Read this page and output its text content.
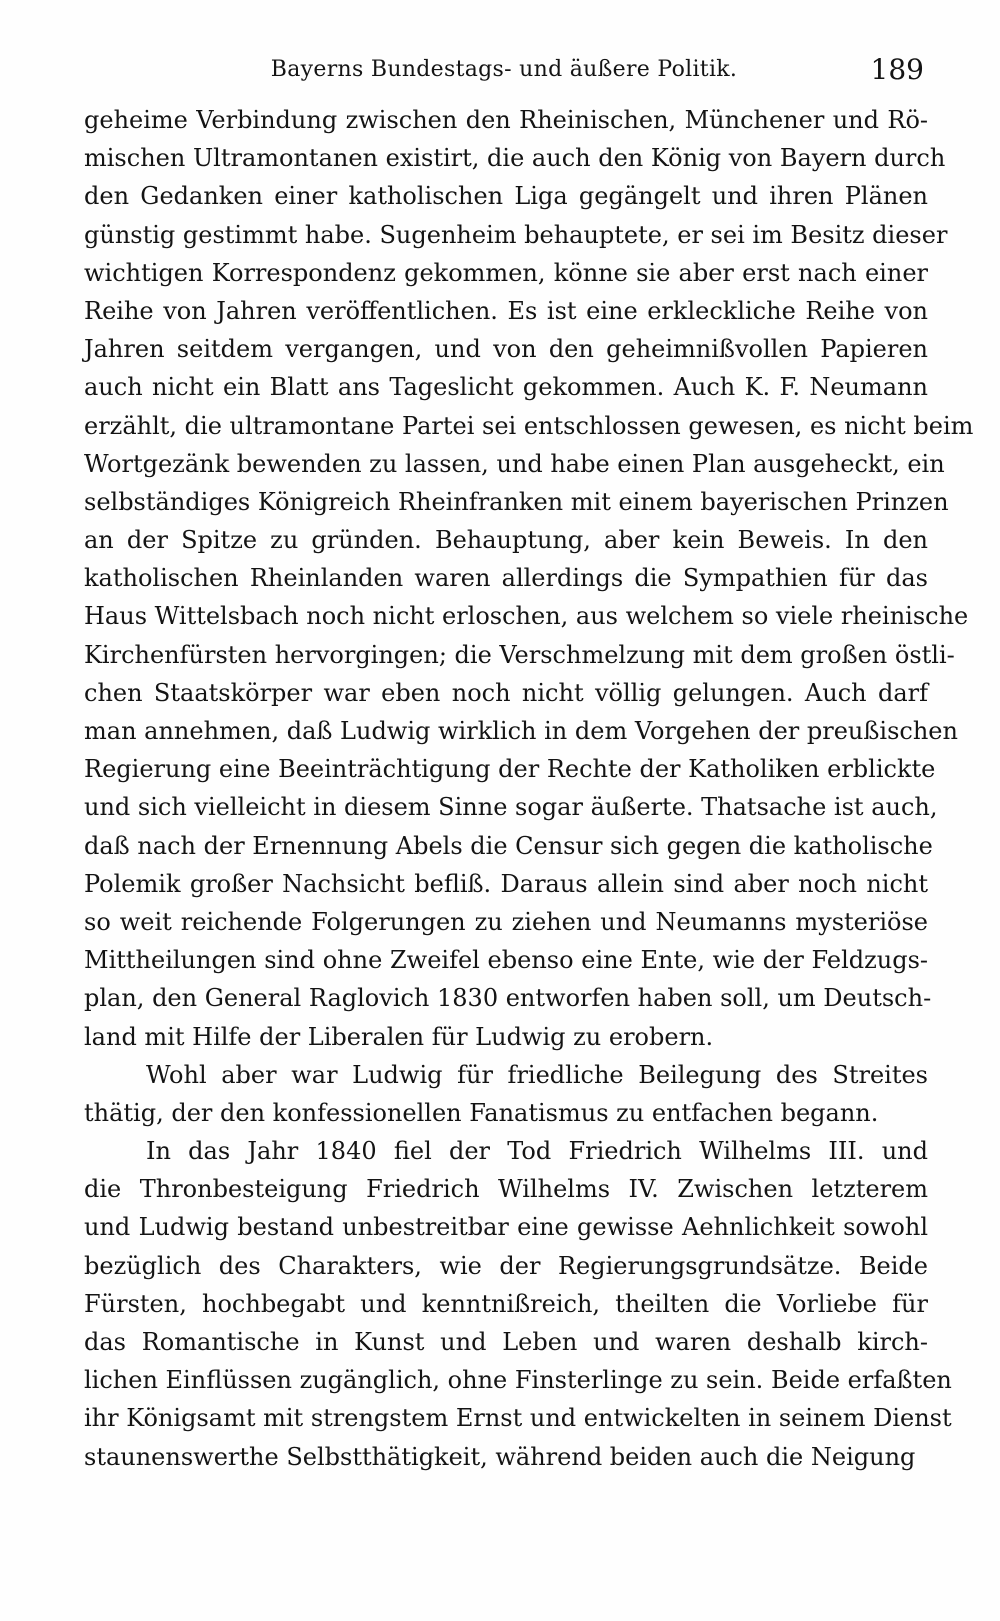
Bayerns Bundestags- und äußere Politik.	189
geheime Verbindung zwischen den Rheinischen, Münchener und Rö-
mischen Ultramontanen existirt, die auch den König von Bayern durch
den Gedanken einer katholischen Liga gegängelt und ihren Plänen
günstig gestimmt habe. Sugenheim behauptete, er sei im Besitz dieser
wichtigen Korrespondenz gekommen, könne sie aber erst nach einer
Reihe von Jahren veröffentlichen. Es ist eine erkleckliche Reihe von
Jahren seitdem vergangen, und von den geheimnißvollen Papieren
auch nicht ein Blatt ans Tageslicht gekommen. Auch K. F. Neumann
erzählt, die ultramontane Partei sei entschlossen gewesen, es nicht beim
Wortgezänk bewenden zu lassen, und habe einen Plan ausgeheckt, ein
selbständiges Königreich Rheinfranken mit einem bayerischen Prinzen
an der Spitze zu gründen. Behauptung, aber kein Beweis. In den
katholischen Rheinlanden waren allerdings die Sympathien für das
Haus Wittelsbach noch nicht erloschen, aus welchem so viele rheinische
Kirchenfürsten hervorgingen; die Verschmelzung mit dem großen östli-
chen Staatskörper war eben noch nicht völlig gelungen. Auch darf
man annehmen, daß Ludwig wirklich in dem Vorgehen der preußischen
Regierung eine Beeinträchtigung der Rechte der Katholiken erblickte
und sich vielleicht in diesem Sinne sogar äußerte. Thatsache ist auch,
daß nach der Ernennung Abels die Censur sich gegen die katholische
Polemik großer Nachsicht befliß. Daraus allein sind aber noch nicht
so weit reichende Folgerungen zu ziehen und Neumanns mysteriöse
Mittheilungen sind ohne Zweifel ebenso eine Ente, wie der Feldzugs-
plan, den General Raglovich 1830 entworfen haben soll, um Deutsch-
land mit Hilfe der Liberalen für Ludwig zu erobern.
Wohl aber war Ludwig für friedliche Beilegung des Streites
thätig, der den konfessionellen Fanatismus zu entfachen begann.
In das Jahr 1840 fiel der Tod Friedrich Wilhelms III. und
die Thronbesteigung Friedrich Wilhelms IV. Zwischen letzterem
und Ludwig bestand unbestreitbar eine gewisse Aehnlichkeit sowohl
bezüglich des Charakters, wie der Regierungsgrundsätze. Beide
Fürsten, hochbegabt und kenntnißreich, theilten die Vorliebe für
das Romantische in Kunst und Leben und waren deshalb kirch-
lichen Einflüssen zugänglich, ohne Finsterlinge zu sein. Beide erfaßten
ihr Königsamt mit strengstem Ernst und entwickelten in seinem Dienst
staunenswerthe Selbstthätigkeit, während beiden auch die Neigung
